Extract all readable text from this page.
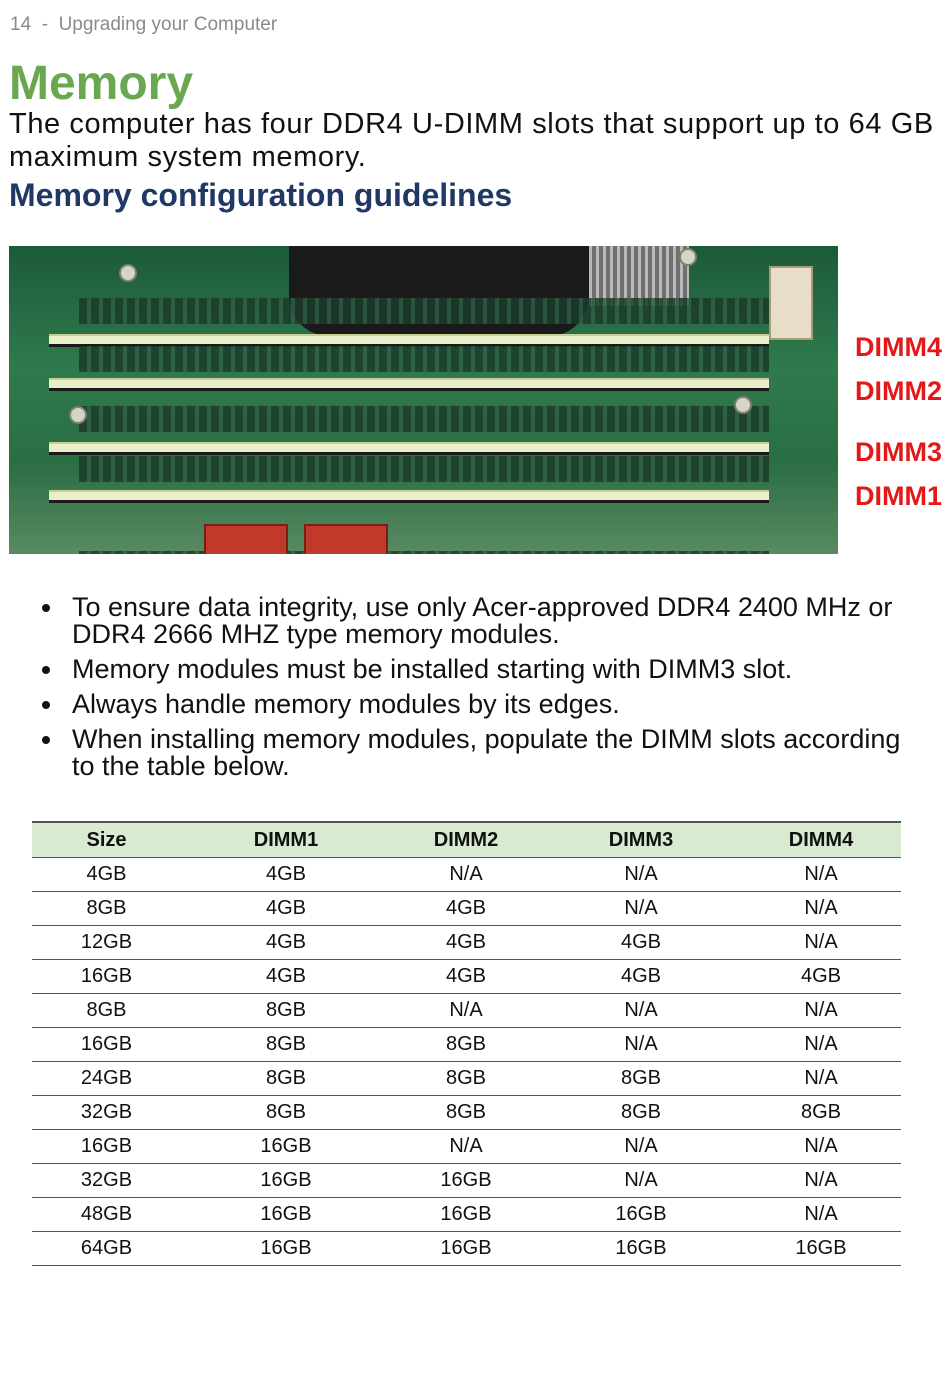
14  -  Upgrading your Computer
Memory
The computer has four DDR4 U-DIMM slots that support up to 64 GB maximum system memory.
Memory configuration guidelines
DIMM4
DIMM2
DIMM3
DIMM1
To ensure data integrity, use only Acer-approved DDR4 2400 MHz or DDR4 2666 MHZ type memory modules.
Memory modules must be installed starting with DIMM3 slot.
Always handle memory modules by its edges.
When installing memory modules, populate the DIMM slots according to the table below.
Size	DIMM1	DIMM2	DIMM3	DIMM4
4GB	4GB	N/A	N/A	N/A
8GB	4GB	4GB	N/A	N/A
12GB	4GB	4GB	4GB	N/A
16GB	4GB	4GB	4GB	4GB
8GB	8GB	N/A	N/A	N/A
16GB	8GB	8GB	N/A	N/A
24GB	8GB	8GB	8GB	N/A
32GB	8GB	8GB	8GB	8GB
16GB	16GB	N/A	N/A	N/A
32GB	16GB	16GB	N/A	N/A
48GB	16GB	16GB	16GB	N/A
64GB	16GB	16GB	16GB	16GB
